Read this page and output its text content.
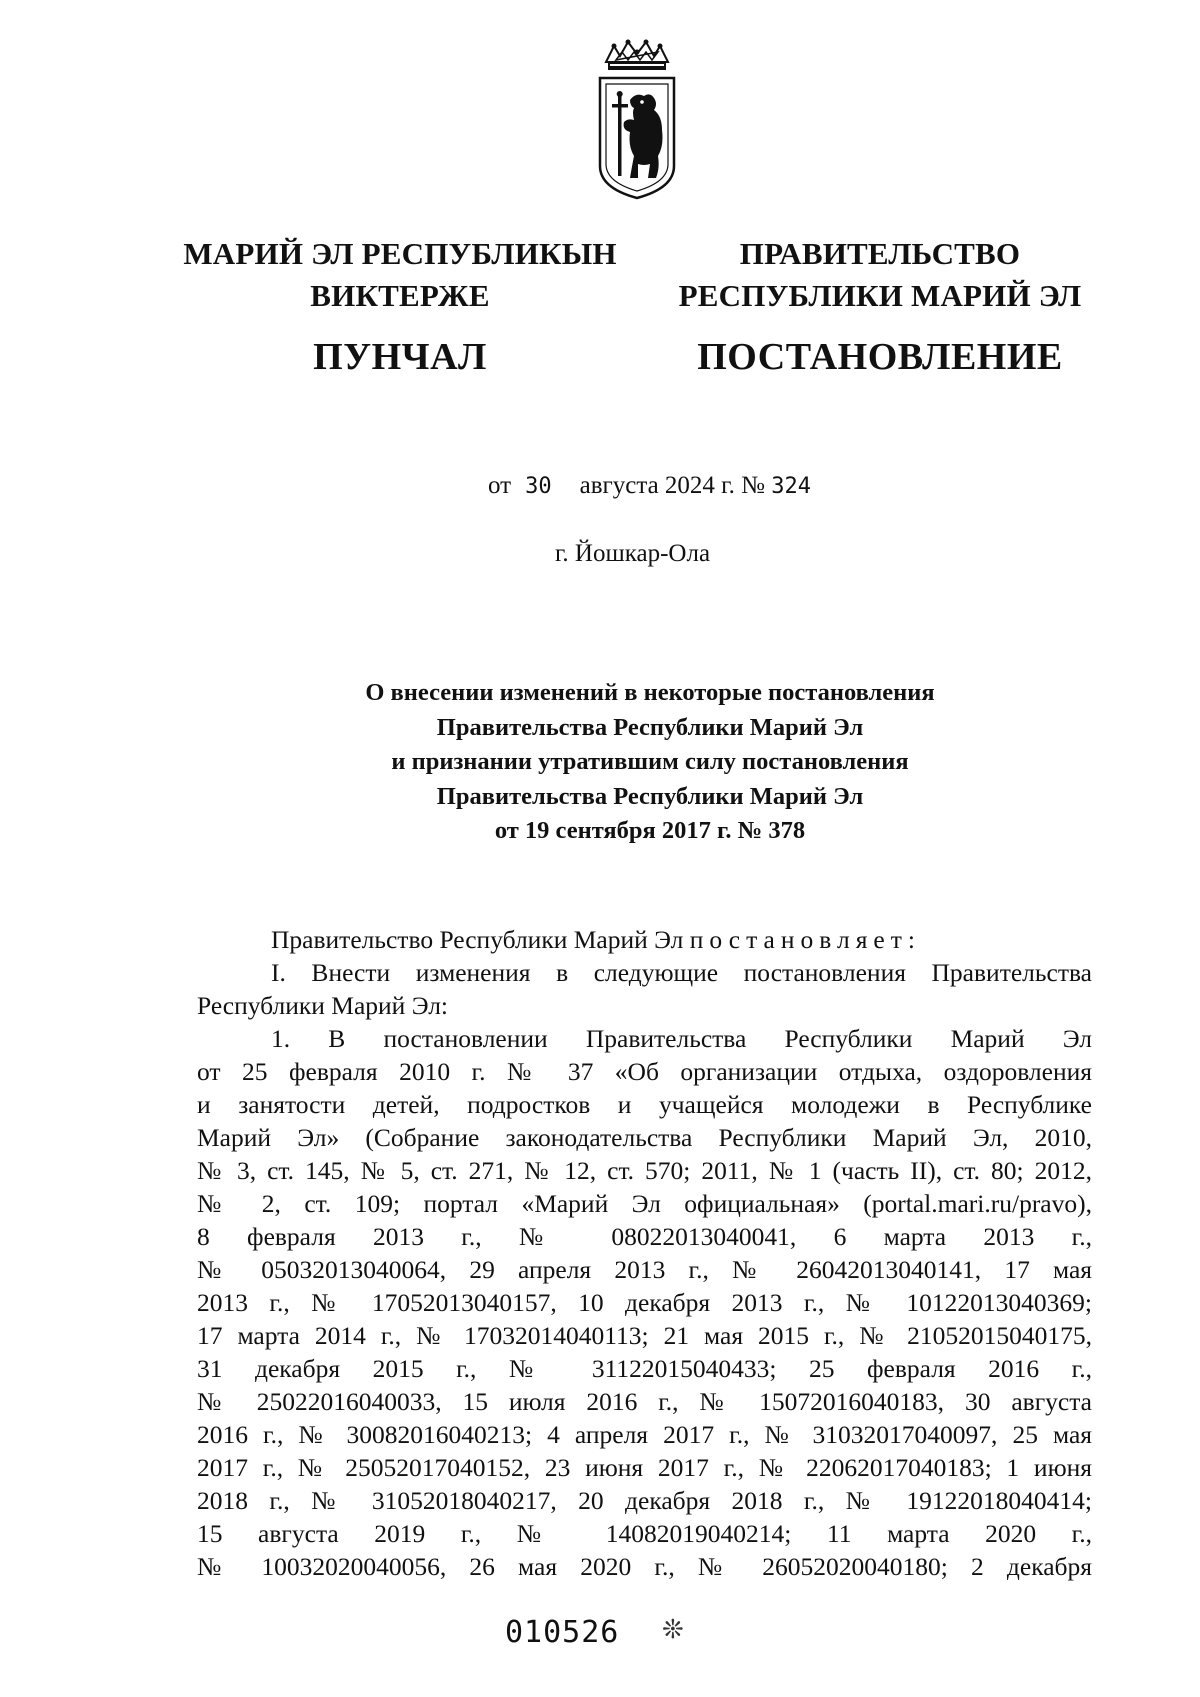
МАРИЙ ЭЛ РЕСПУБЛИКЫН
ВИКТЕРЖЕ
ПУНЧАЛ
ПРАВИТЕЛЬСТВО
РЕСПУБЛИКИ МАРИЙ ЭЛ
ПОСТАНОВЛЕНИЕ
от 30 августа 2024 г. № 324
г. Йошкар-Ола
О внесении изменений в некоторые постановления
Правительства Республики Марий Эл
и признании утратившим силу постановления
Правительства Республики Марий Эл
от 19 сентября 2017 г. № 378

Правительство Республики Марий Эл постановляет:

I. Внести изменения в следующие постановления Правительства Республики Марий Эл:

1. В постановлении Правительства Республики Марий Эл

от 25 февраля 2010 г. № 37 «Об организации отдыха, оздоровления

и занятости детей, подростков и учащейся молодежи в Республике

Марий Эл» (Собрание законодательства Республики Марий Эл, 2010,

№ 3, ст. 145, № 5, ст. 271, № 12, ст. 570; 2011, № 1 (часть II), ст. 80; 2012,

№ 2, ст. 109; портал «Марий Эл официальная» (portal.mari.ru/pravo),

8 февраля 2013 г., № 08022013040041, 6 марта 2013 г.,

№ 05032013040064, 29 апреля 2013 г., № 26042013040141, 17 мая

2013 г., № 17052013040157, 10 декабря 2013 г., № 10122013040369;

17 марта 2014 г., № 17032014040113; 21 мая 2015 г., № 21052015040175,

31 декабря 2015 г., № 31122015040433; 25 февраля 2016 г.,

№ 25022016040033, 15 июля 2016 г., № 15072016040183, 30 августа

2016 г., № 30082016040213; 4 апреля 2017 г., № 31032017040097, 25 мая

2017 г., № 25052017040152, 23 июня 2017 г., № 22062017040183; 1 июня

2018 г., № 31052018040217, 20 декабря 2018 г., № 19122018040414;

15 августа 2019 г., № 14082019040214; 11 марта 2020 г.,

№ 10032020040056, 26 мая 2020 г., № 26052020040180; 2 декабря

010526 ❊
